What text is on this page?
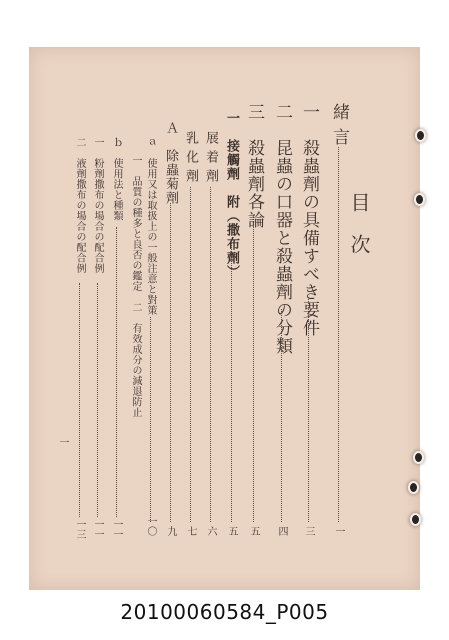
目次
緒言
一
一　殺蟲劑の具備すべき要件
三
二　昆蟲の口器と殺蟲劑の分類
四
三　殺蟲劑各論
五
一　接觸劑　附（撒布劑）
五
展着劑
六
乳化劑
七
Ａ　除蟲菊劑
九
ａ　使用又は取扱上の一般注意と對策
一〇
一　品質の種多と良否の鑑定　二　有效成分の減退防止
ｂ　使用法と種類
一一
一　粉劑撒布の場合の配合例
一一
二　液劑撒布の場合の配合例
一三
一
20100060584_P005
